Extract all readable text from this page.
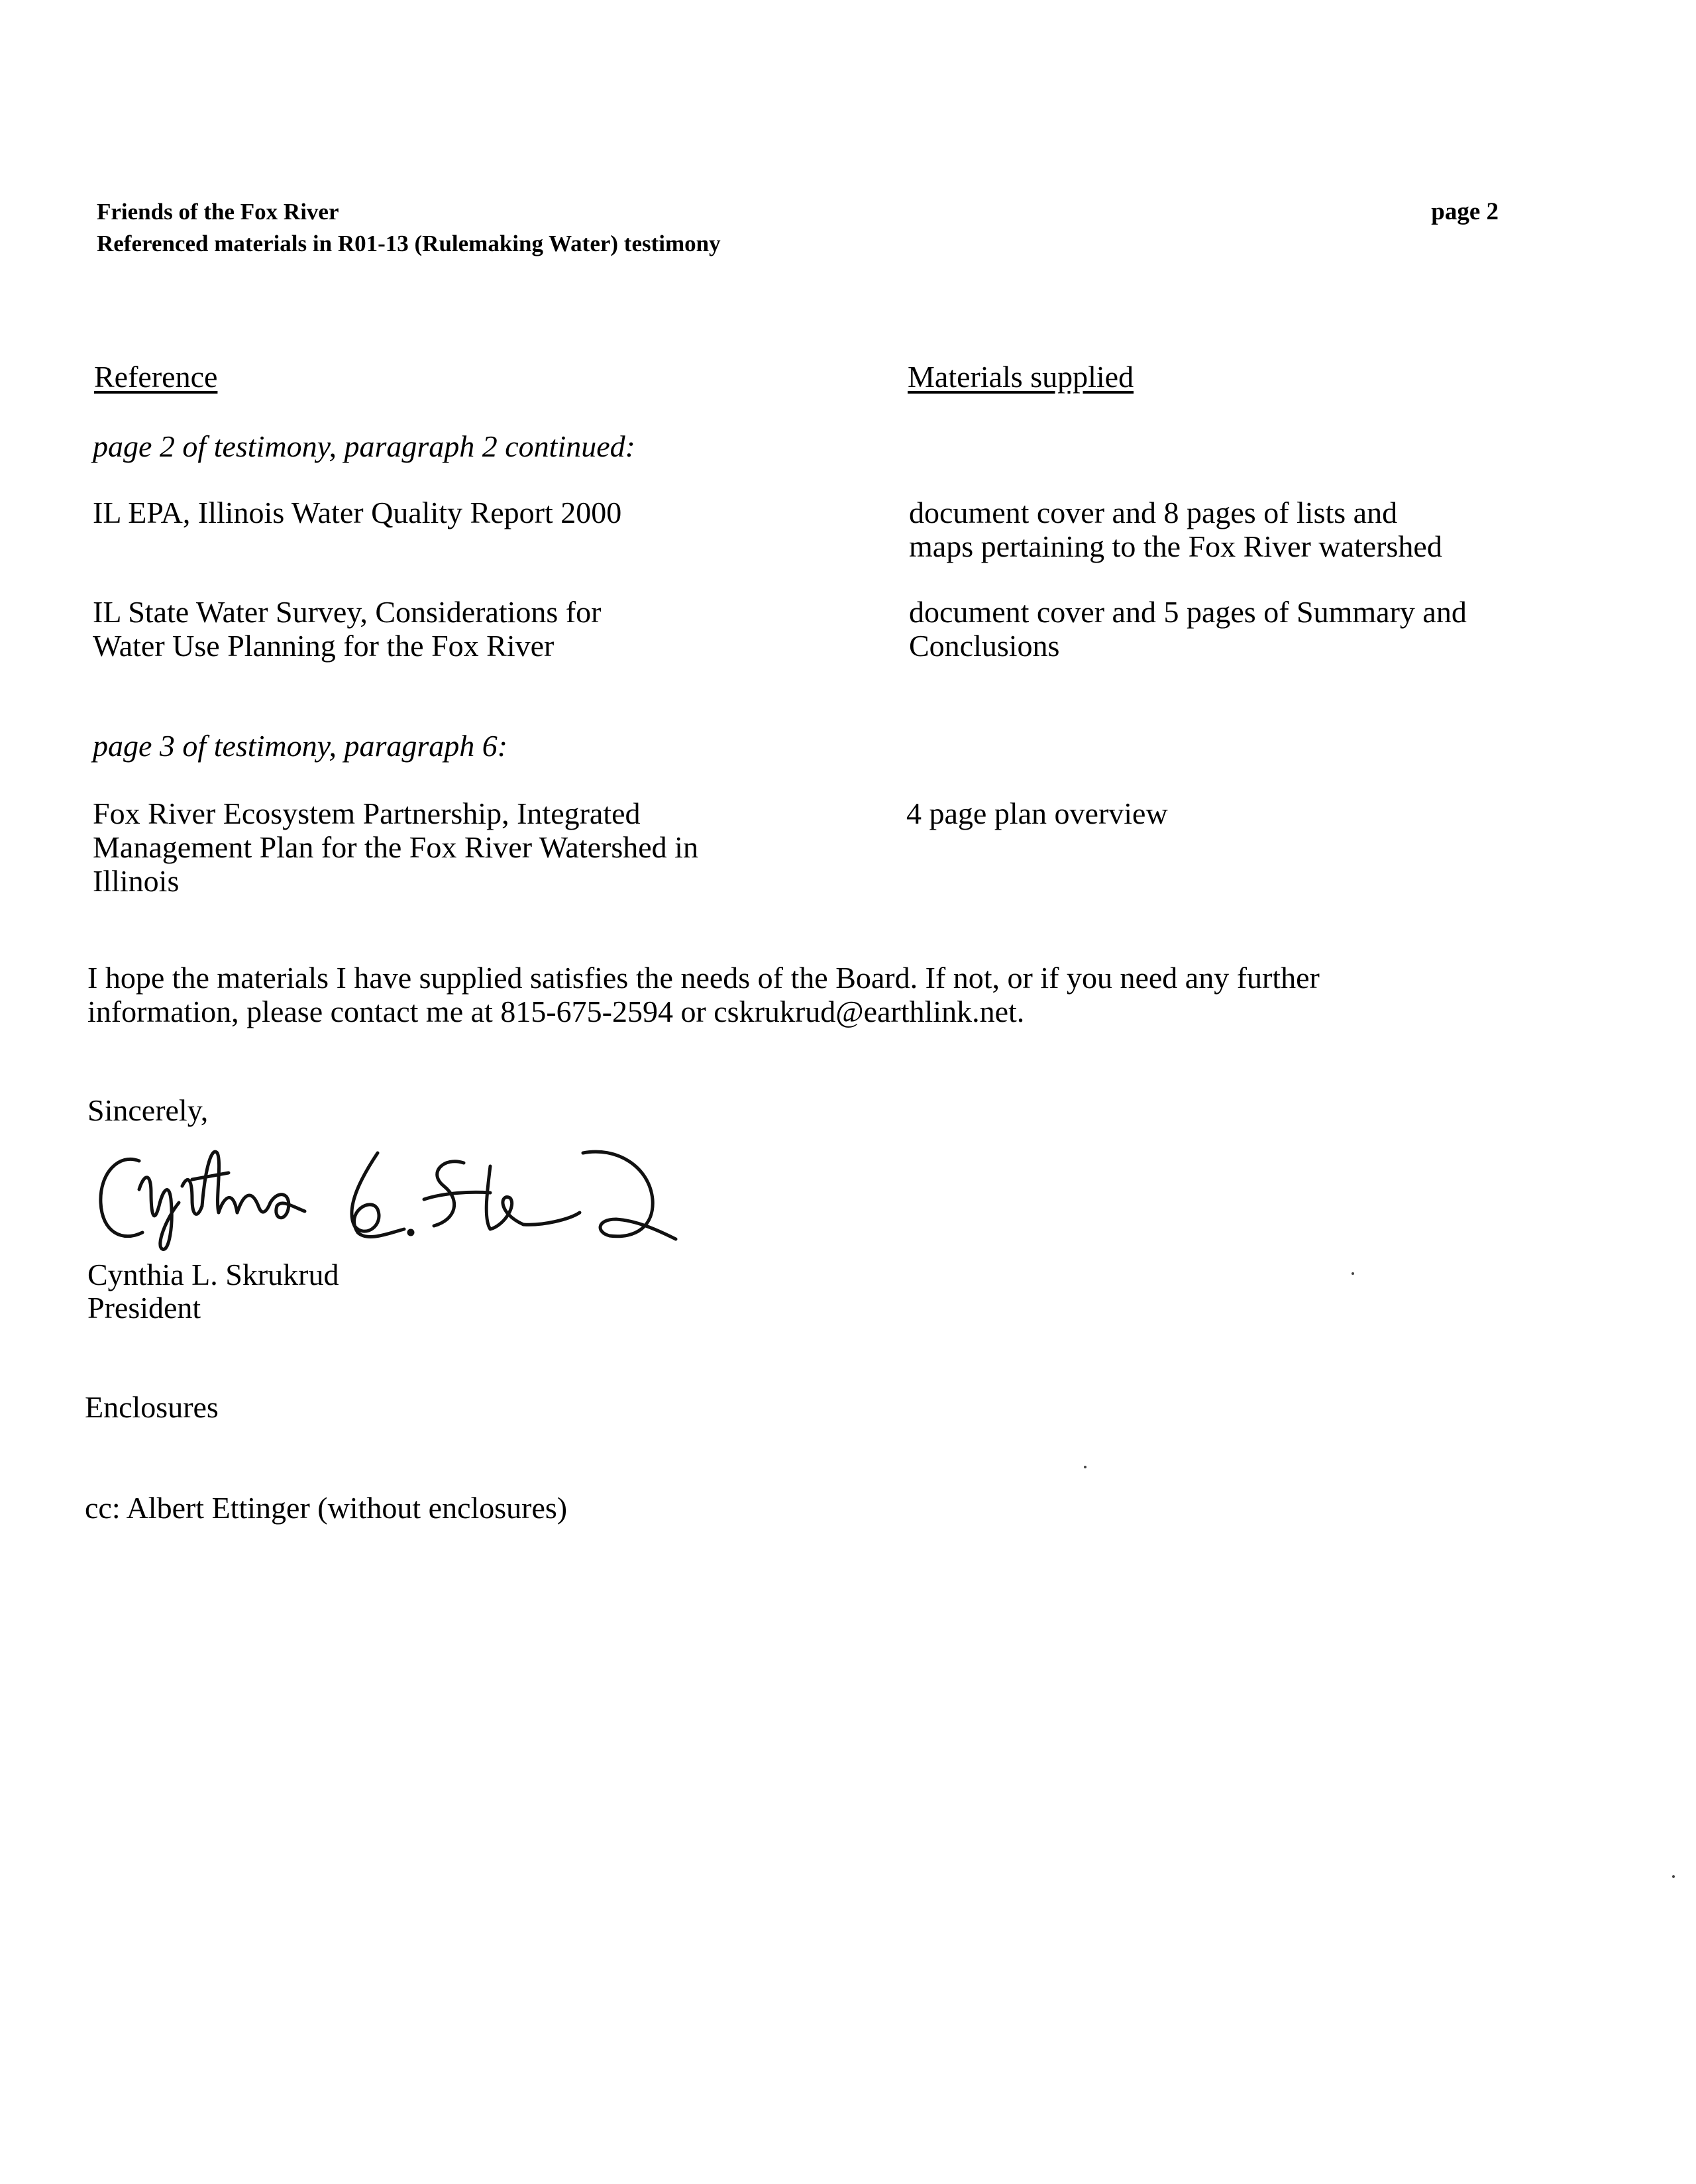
Friends of the Fox River
Referenced materials in R01-13 (Rulemaking Water) testimony
page 2
Reference	Materials supplied
page 2 of testimony, paragraph 2 continued:
IL EPA, Illinois Water Quality Report 2000	document cover and 8 pages of lists and
maps pertaining to the Fox River watershed
IL State Water Survey, Considerations for
Water Use Planning for the Fox River
document cover and 5 pages of Summary and
Conclusions
page 3 of testimony, paragraph 6:
Fox River Ecosystem Partnership, Integrated
Management Plan for the Fox River Watershed in
Illinois
4 page plan overview
I hope the materials I have supplied satisfies the needs of the Board. If not, or if you need any further
information, please contact me at 815-675-2594 or cskrukrud@earthlink.net.
Sincerely,
Cynthia L. Skrukrud
President
Enclosures
cc: Albert Ettinger (without enclosures)
